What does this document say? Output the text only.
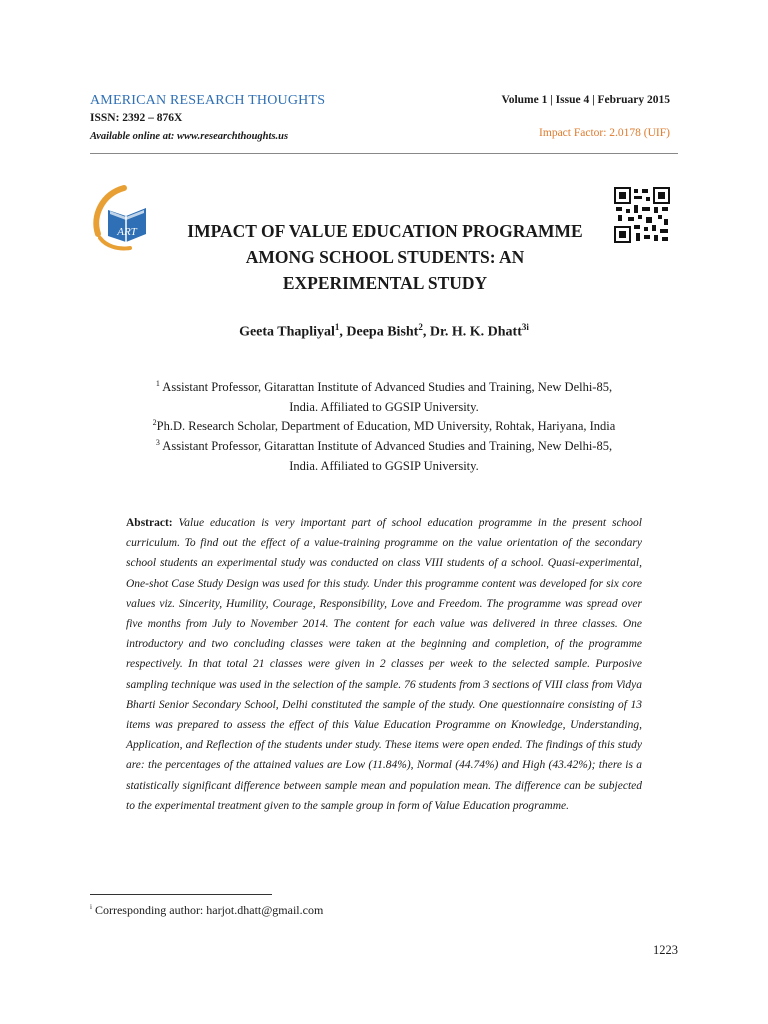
AMERICAN RESEARCH THOUGHTS
ISSN: 2392 – 876X
Available online at: www.researchthoughts.us
Volume 1 | Issue 4 | February 2015
Impact Factor: 2.0178 (UIF)
ART	IMPACT OF VALUE EDUCATION PROGRAMME
AMONG SCHOOL STUDENTS: AN
EXPERIMENTAL STUDY
Geeta Thapliyal$^1$, Deepa Bisht$^2$, Dr. H. K. Dhatt$^{3i}$
$^1$ Assistant Professor, Gitarattan Institute of Advanced Studies and Training, New Delhi-85,
India. Affiliated to GGSIP University.
$^2$Ph.D. Research Scholar, Department of Education, MD University, Rohtak, Hariyana, India
$^3$ Assistant Professor, Gitarattan Institute of Advanced Studies and Training, New Delhi-85,
India. Affiliated to GGSIP University.
Abstract: Value education is very important part of school education programme in the present school curriculum. To find out the effect of a value-training programme on the value orientation of the secondary school students an experimental study was conducted on class VIII students of a school. Quasi-experimental, One-shot Case Study Design was used for this study. Under this programme content was developed for six core values viz. Sincerity, Humility, Courage, Responsibility, Love and Freedom. The programme was spread over five months from July to November 2014. The content for each value was delivered in three classes. One introductory and two concluding classes were taken at the beginning and completion, of the programme respectively. In that total 21 classes were given in 2 classes per week to the selected sample. Purposive sampling technique was used in the selection of the sample. 76 students from 3 sections of VIII class from Vidya Bharti Senior Secondary School, Delhi constituted the sample of the study. One questionnaire consisting of 13 items was prepared to assess the effect of this Value Education Programme on Knowledge, Understanding, Application, and Reflection of the students under study. These items were open ended. The findings of this study are: the percentages of the attained values are Low (11.84%), Normal (44.74%) and High (43.42%); there is a statistically significant difference between sample mean and population mean. The difference can be subjected to the experimental treatment given to the sample group in form of Value Education programme.
$^i$ Corresponding author: harjot.dhatt@gmail.com
1223
